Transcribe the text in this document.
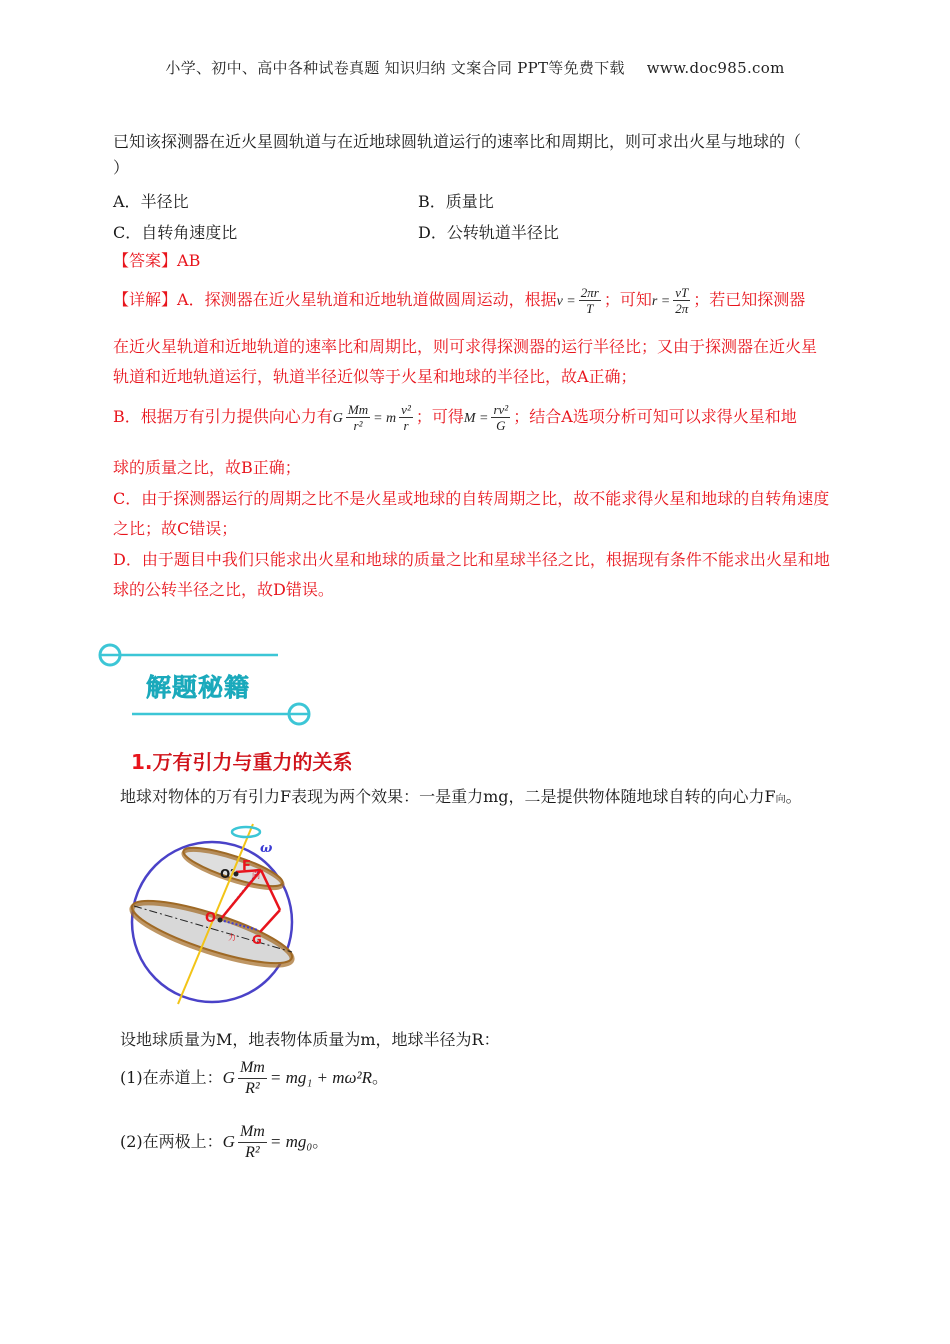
小学、初中、高中各种试卷真题 知识归纳 文案合同 PPT等免费下载 www.doc985.com
已知该探测器在近火星圆轨道与在近地球圆轨道运行的速率比和周期比，则可求出火星与地球的（
）
A．半径比	B．质量比
C．自转角速度比	D．公转轨道半径比
【答案】AB
【详解】A．探测器在近火星轨道和近地轨道做圆周运动，根据$v = \frac{2\pi r}{T}$ ；可知$r = \frac{vT}{2\pi}$ ；若已知探测器
在近火星轨道和近地轨道的速率比和周期比，则可求得探测器的运行半径比；又由于探测器在近火星
轨道和近地轨道运行，轨道半径近似等于火星和地球的半径比，故A正确；
B．根据万有引力提供向心力有G $\frac{Mm}{\text{r²}} = m \frac{\text{v²}}{r}$ ；可得$M = \frac{\text{rv²}}{G}$ ；结合A选项分析可知可以求得火星和地
球的质量之比，故B正确；
C．由于探测器运行的周期之比不是火星或地球的自转周期之比，故不能求得火星和地球的自转角速度
之比；故C错误；
D．由于题目中我们只能求出火星和地球的质量之比和星球半径之比，根据现有条件不能求出火星和地
球的公转半径之比，故D错误。
解题秘籍
1.万有引力与重力的关系
地球对物体的万有引力F表现为两个效果：一是重力mg，二是提供物体随地球自转的向心力F向。
ω
O′ F
向
O
G
力
设地球质量为M，地表物体质量为m，地球半径为R：
(1)在赤道上：G $\frac{Mm}{\text{R²}} = mg_1 + m\omega^2R$。
(2)在两极上：G $\frac{Mm}{\text{R²}} = mg_0$。
